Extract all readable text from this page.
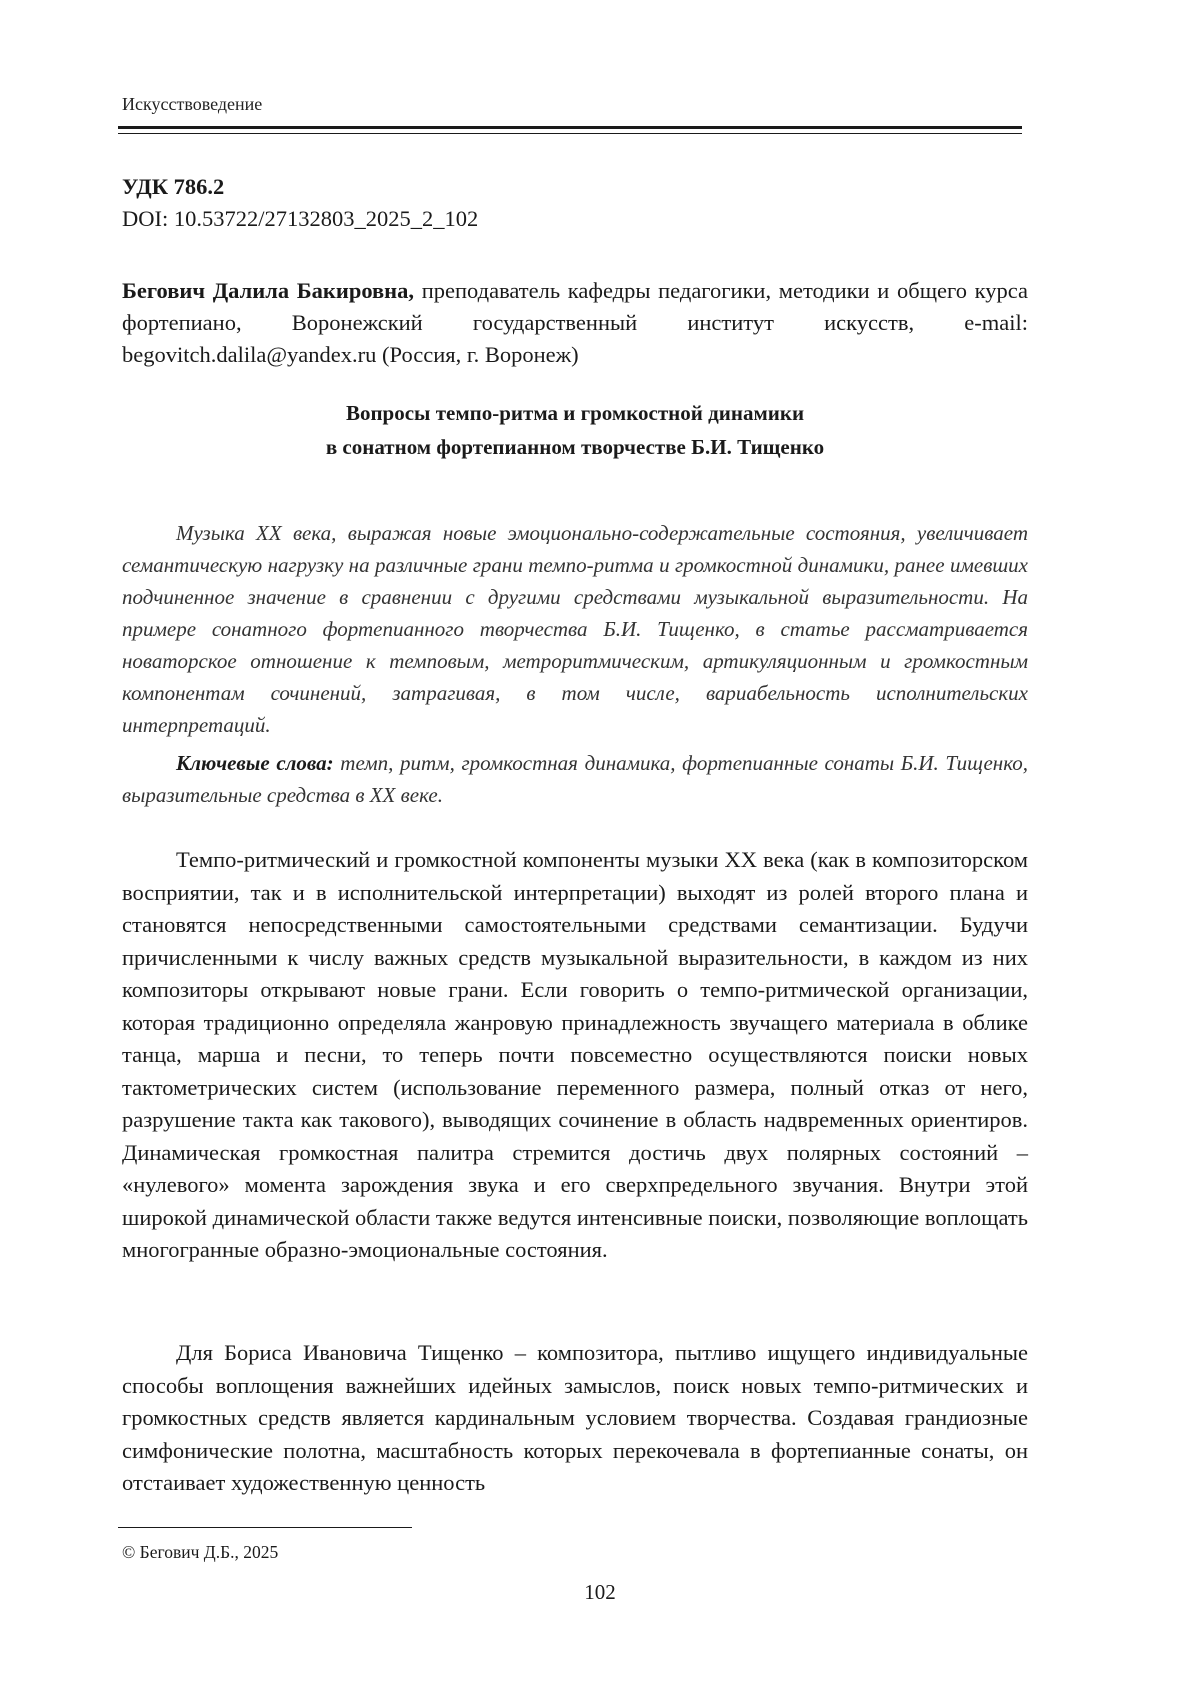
Искусствоведение
УДК 786.2
DOI: 10.53722/27132803_2025_2_102
Бегович Далила Бакировна, преподаватель кафедры педагогики, методики и общего курса фортепиано, Воронежский государственный институт искусств, e-mail: begovitch.dalila@yandex.ru (Россия, г. Воронеж)
Вопросы темпо-ритма и громкостной динамики
в сонатном фортепианном творчестве Б.И. Тищенко
Музыка XX века, выражая новые эмоционально-содержательные состояния, увеличивает семантическую нагрузку на различные грани темпо-ритма и громкостной динамики, ранее имевших подчиненное значение в сравнении с другими средствами музыкальной выразительности. На примере сонатного фортепианного творчества Б.И. Тищенко, в статье рассматривается новаторское отношение к темповым, метроритмическим, артикуляционным и громкостным компонентам сочинений, затрагивая, в том числе, вариабельность исполнительских интерпретаций.
Ключевые слова: темп, ритм, громкостная динамика, фортепианные сонаты Б.И. Тищенко, выразительные средства в XX веке.
Темпо-ритмический и громкостной компоненты музыки XX века (как в композиторском восприятии, так и в исполнительской интерпретации) выходят из ролей второго плана и становятся непосредственными самостоятельными средствами семантизации. Будучи причисленными к числу важных средств музыкальной выразительности, в каждом из них композиторы открывают новые грани. Если говорить о темпо-ритмической организации, которая традиционно определяла жанровую принадлежность звучащего материала в облике танца, марша и песни, то теперь почти повсеместно осуществляются поиски новых тактометрических систем (использование переменного размера, полный отказ от него, разрушение такта как такового), выводящих сочинение в область надвременных ориентиров. Динамическая громкостная палитра стремится достичь двух полярных состояний – «нулевого» момента зарождения звука и его сверхпредельного звучания. Внутри этой широкой динамической области также ведутся интенсивные поиски, позволяющие воплощать многогранные образно-эмоциональные состояния.
Для Бориса Ивановича Тищенко – композитора, пытливо ищущего индивидуальные способы воплощения важнейших идейных замыслов, поиск новых темпо-ритмических и громкостных средств является кардинальным условием творчества. Создавая грандиозные симфонические полотна, масштабность которых перекочевала в фортепианные сонаты, он отстаивает художественную ценность
© Бегович Д.Б., 2025
102
